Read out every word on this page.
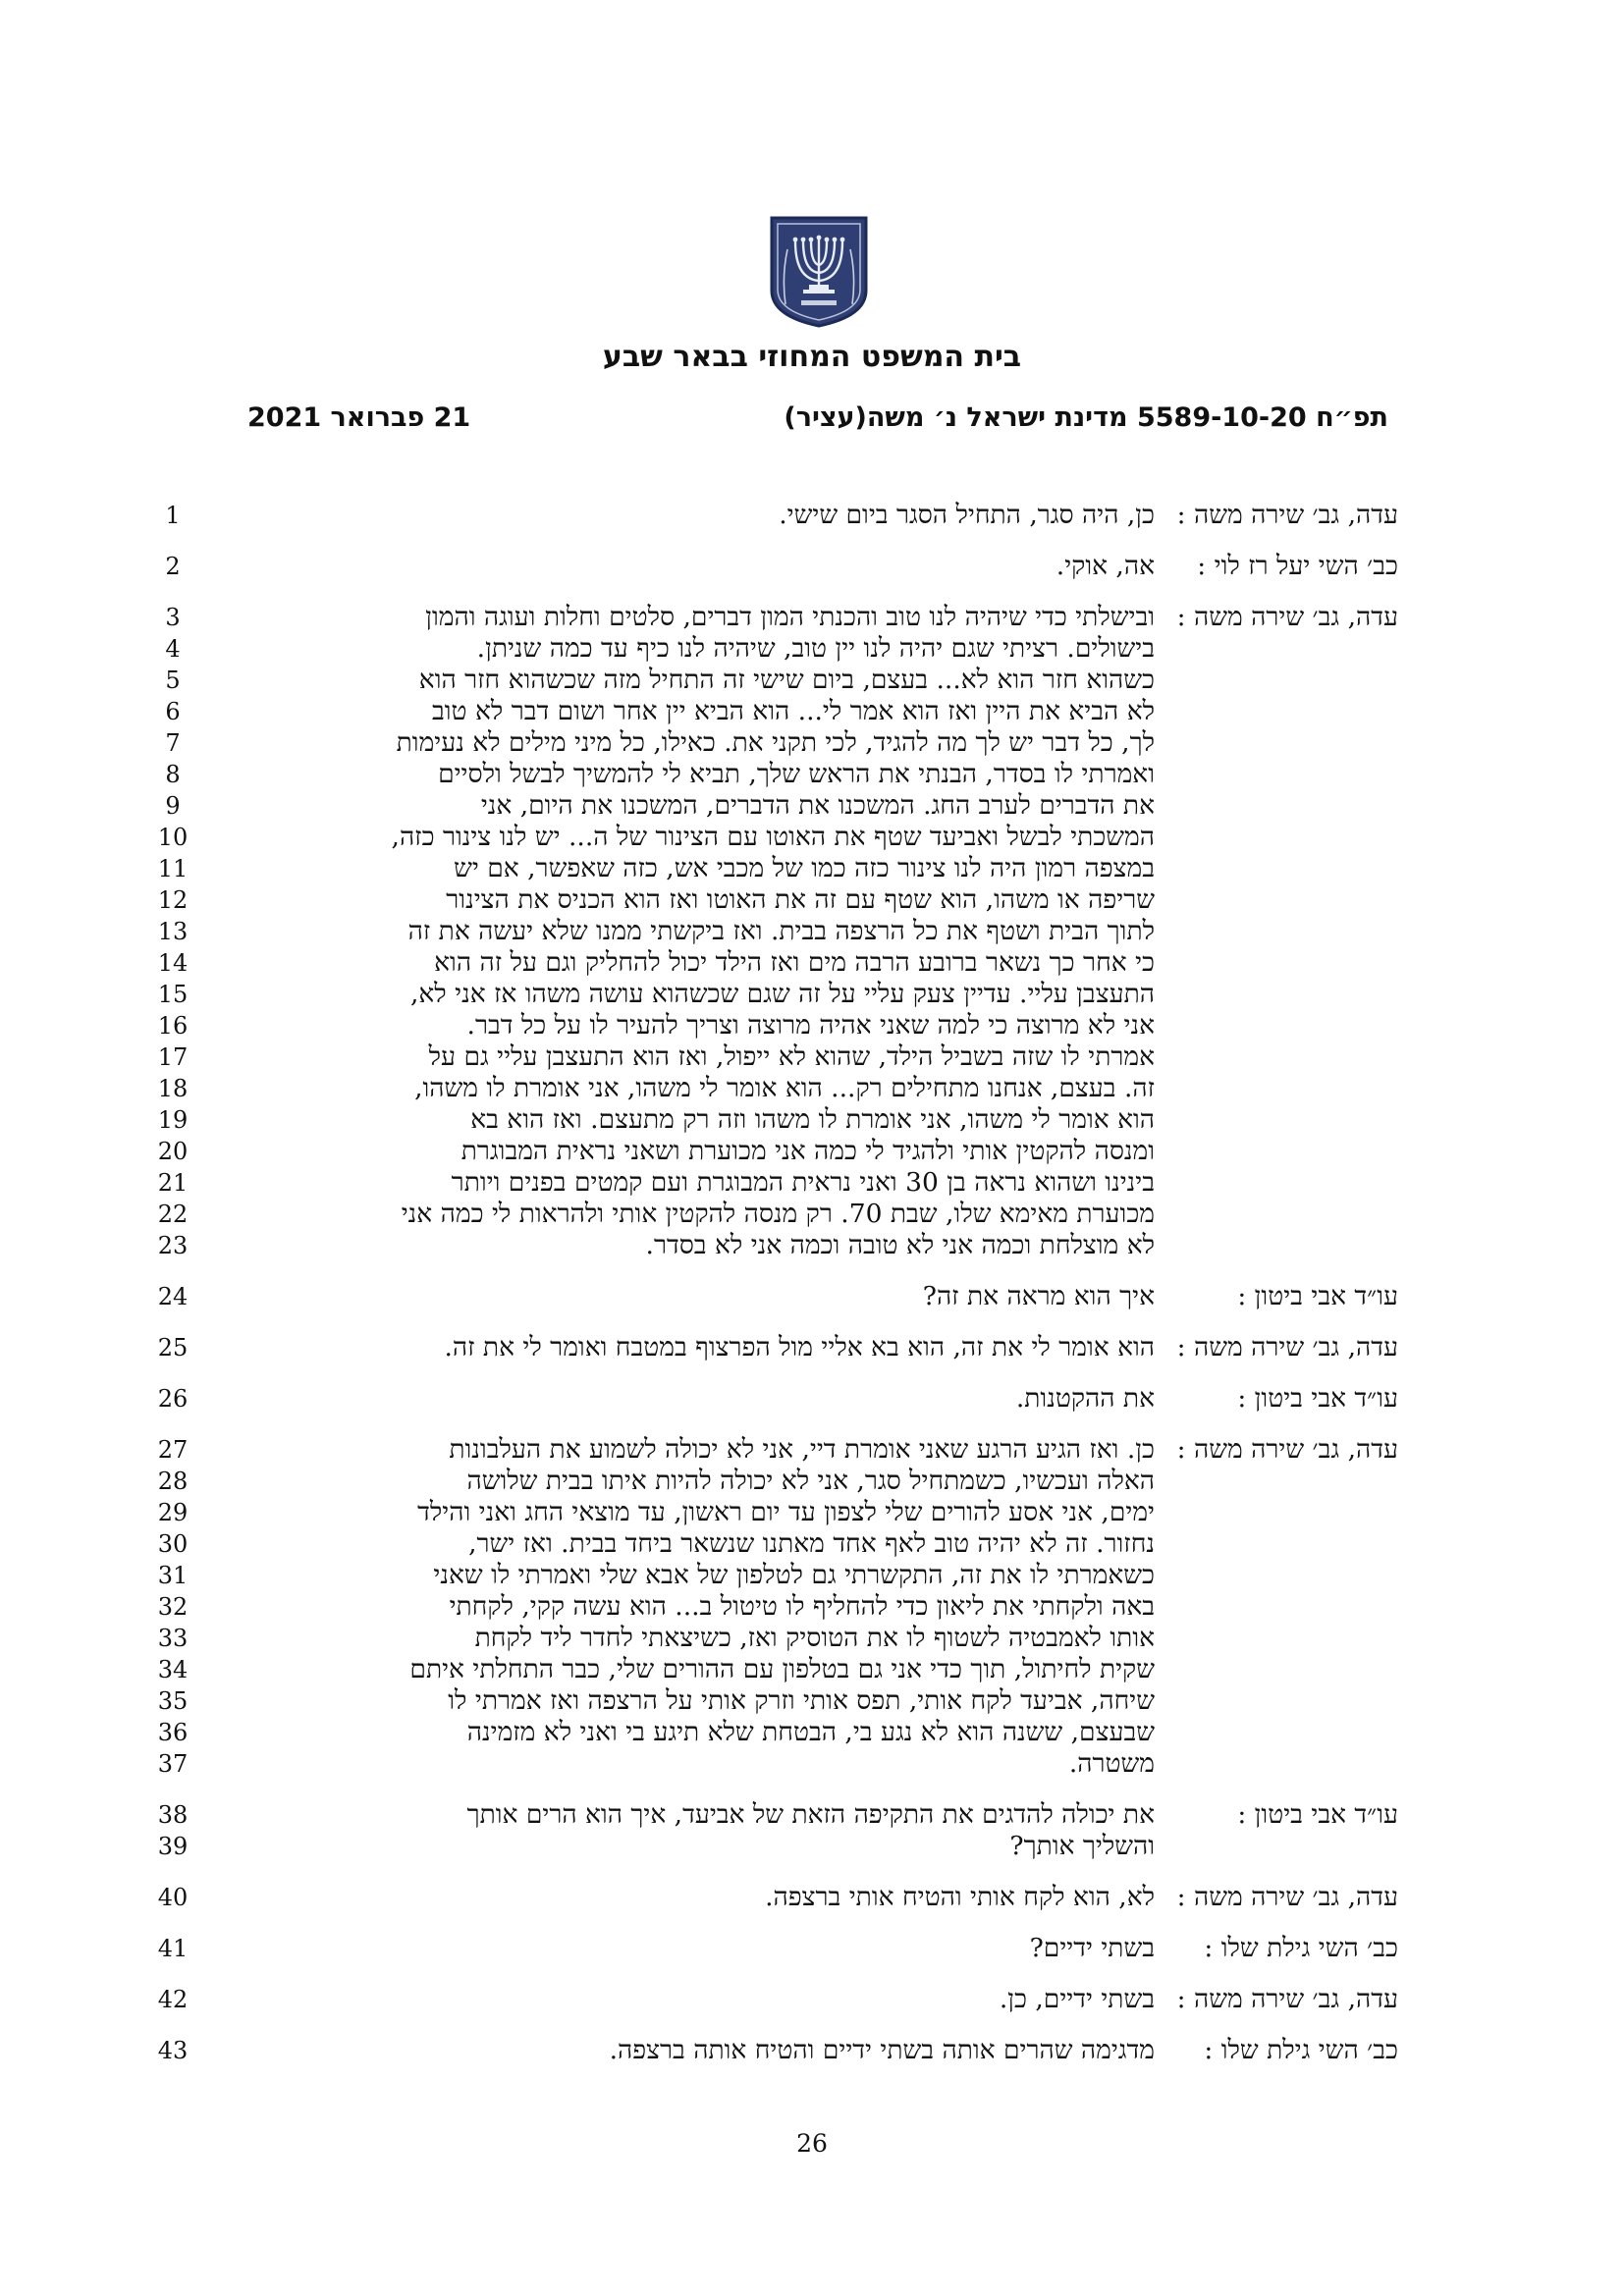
בית המשפט המחוזי בבאר שבע
תפ״ח 5589-10-20 מדינת ישראל נ׳ משה(עציר)
21 פברואר 2021
עדה, גב׳ שירה משה :
כן, היה סגר, התחיל הסגר ביום שישי.
1
כב׳ השי יעל רז לוי :
אה, אוקי.
2
עדה, גב׳ שירה משה :
ובישלתי כדי שיהיה לנו טוב והכנתי המון דברים, סלטים וחלות ועוגה והמון
בישולים. רציתי שגם יהיה לנו יין טוב, שיהיה לנו כיף עד כמה שניתן.
כשהוא חזר הוא לא... בעצם, ביום שישי זה התחיל מזה שכשהוא חזר הוא
לא הביא את היין ואז הוא אמר לי... הוא הביא יין אחר ושום דבר לא טוב
לך, כל דבר יש לך מה להגיד, לכי תקני את. כאילו, כל מיני מילים לא נעימות
ואמרתי לו בסדר, הבנתי את הראש שלך, תביא לי להמשיך לבשל ולסיים
את הדברים לערב החג. המשכנו את הדברים, המשכנו את היום, אני
המשכתי לבשל ואביעד שטף את האוטו עם הצינור של ה... יש לנו צינור כזה,
במצפה רמון היה לנו צינור כזה כמו של מכבי אש, כזה שאפשר, אם יש
שריפה או משהו, הוא שטף עם זה את האוטו ואז הוא הכניס את הצינור
לתוך הבית ושטף את כל הרצפה בבית. ואז ביקשתי ממנו שלא יעשה את זה
כי אחר כך נשאר ברובע הרבה מים ואז הילד יכול להחליק וגם על זה הוא
התעצבן עליי. עדיין צעק עליי על זה שגם שכשהוא עושה משהו אז אני לא,
אני לא מרוצה כי למה שאני אהיה מרוצה וצריך להעיר לו על כל דבר.
אמרתי לו שזה בשביל הילד, שהוא לא ייפול, ואז הוא התעצבן עליי גם על
זה. בעצם, אנחנו מתחילים רק... הוא אומר לי משהו, אני אומרת לו משהו,
הוא אומר לי משהו, אני אומרת לו משהו וזה רק מתעצם. ואז הוא בא
ומנסה להקטין אותי ולהגיד לי כמה אני מכוערת ושאני נראית המבוגרת
בינינו ושהוא נראה בן 30 ואני נראית המבוגרת ועם קמטים בפנים ויותר
מכוערת מאימא שלו, שבת 70. רק מנסה להקטין אותי ולהראות לי כמה אני
לא מוצלחת וכמה אני לא טובה וכמה אני לא בסדר.
3
4
5
6
7
8
9
10
11
12
13
14
15
16
17
18
19
20
21
22
23
עו״ד אבי ביטון :
איך הוא מראה את זה?
24
עדה, גב׳ שירה משה :
הוא אומר לי את זה, הוא בא אליי מול הפרצוף במטבח ואומר לי את זה.
25
עו״ד אבי ביטון :
את ההקטנות.
26
עדה, גב׳ שירה משה :
כן. ואז הגיע הרגע שאני אומרת דיי, אני לא יכולה לשמוע את העלבונות
האלה ועכשיו, כשמתחיל סגר, אני לא יכולה להיות איתו בבית שלושה
ימים, אני אסע להורים שלי לצפון עד יום ראשון, עד מוצאי החג ואני והילד
נחזור. זה לא יהיה טוב לאף אחד מאתנו שנשאר ביחד בבית. ואז ישר,
כשאמרתי לו את זה, התקשרתי גם לטלפון של אבא שלי ואמרתי לו שאני
באה ולקחתי את ליאון כדי להחליף לו טיטול ב... הוא עשה קקי, לקחתי
אותו לאמבטיה לשטוף לו את הטוסיק ואז, כשיצאתי לחדר ליד לקחת
שקית לחיתול, תוך כדי אני גם בטלפון עם ההורים שלי, כבר התחלתי איתם
שיחה, אביעד לקח אותי, תפס אותי וזרק אותי על הרצפה ואז אמרתי לו
שבעצם, ששנה הוא לא נגע בי, הבטחת שלא תיגע בי ואני לא מזמינה
משטרה.
27
28
29
30
31
32
33
34
35
36
37
עו״ד אבי ביטון :
את יכולה להדגים את התקיפה הזאת של אביעד, איך הוא הרים אותך
והשליך אותך?
38
39
עדה, גב׳ שירה משה :
לא, הוא לקח אותי והטיח אותי ברצפה.
40
כב׳ השי גילת שלו :
בשתי ידיים?
41
עדה, גב׳ שירה משה :
בשתי ידיים, כן.
42
כב׳ השי גילת שלו :
מדגימה שהרים אותה בשתי ידיים והטיח אותה ברצפה.
43
26
